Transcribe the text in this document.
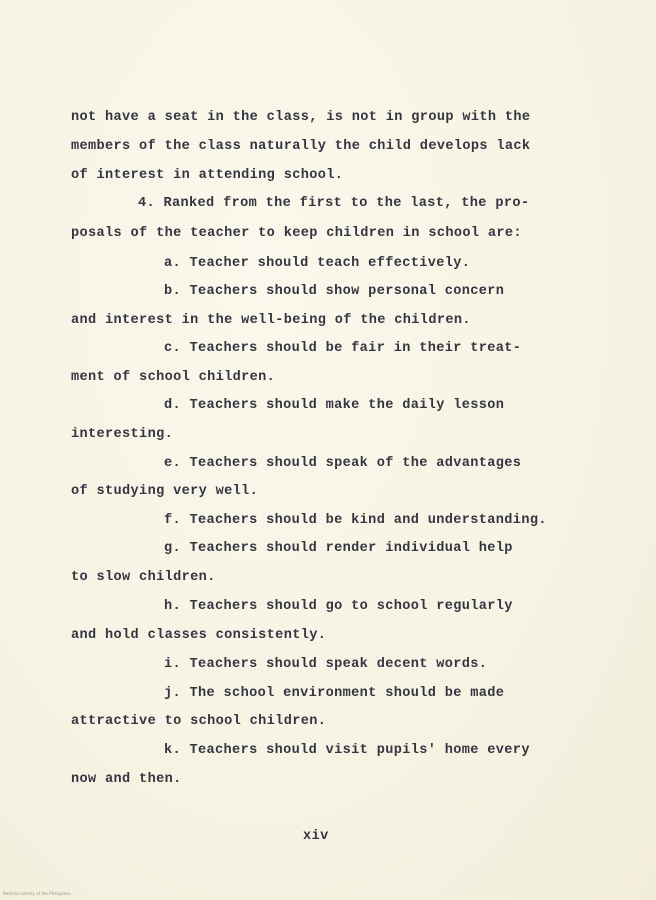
not have a seat in the class, is not in group with the
members of the class naturally the child develops lack
of interest in attending school.
4. Ranked from the first to the last, the pro-
posals of the teacher to keep children in school are:
a. Teacher should teach effectively.
b. Teachers should show personal concern
and interest in the well-being of the children.
c. Teachers should be fair in their treat-
ment of school children.
d. Teachers should make the daily lesson
interesting.
e. Teachers should speak of the advantages
of studying very well.
f. Teachers should be kind and understanding.
g. Teachers should render individual help
to slow children.
h. Teachers should go to school regularly
and hold classes consistently.
i. Teachers should speak decent words.
j. The school environment should be made
attractive to school children.
k. Teachers should visit pupils' home every
now and then.
xiv
National Library of the Philippines
